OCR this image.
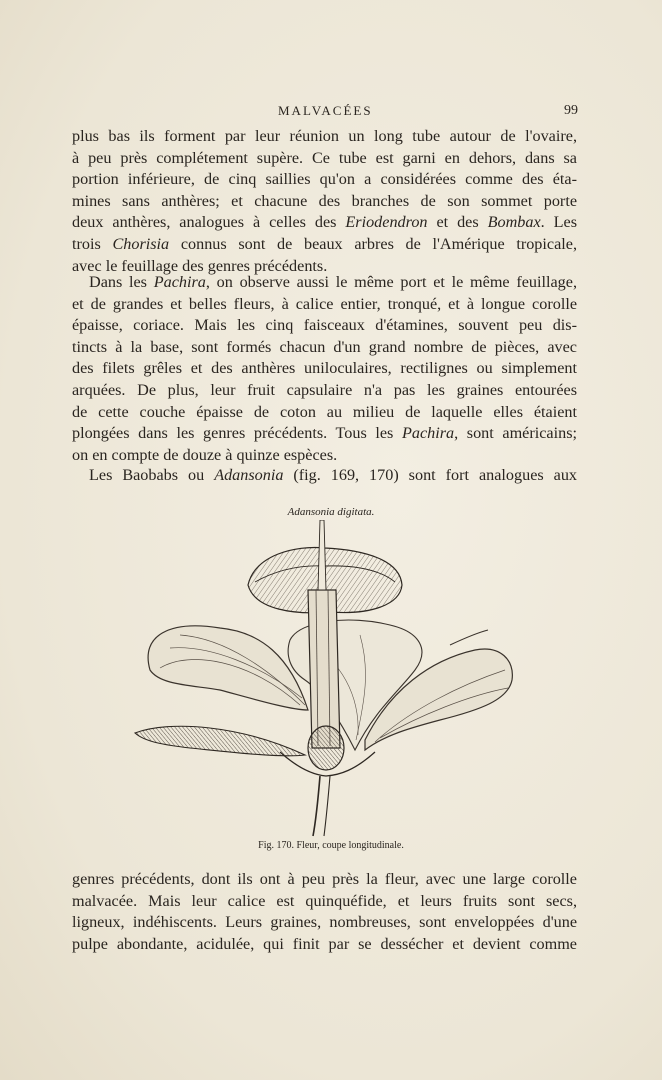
MALVACÉES	99
plus bas ils forment par leur réunion un long tube autour de l'ovaire,
à peu près complétement supère. Ce tube est garni en dehors, dans sa
portion inférieure, de cinq saillies qu'on a considérées comme des éta-
mines sans anthères; et chacune des branches de son sommet porte
deux anthères, analogues à celles des Eriodendron et des Bombax. Les
trois Chorisia connus sont de beaux arbres de l'Amérique tropicale,
avec le feuillage des genres précédents.
Dans les Pachira, on observe aussi le même port et le même feuillage,
et de grandes et belles fleurs, à calice entier, tronqué, et à longue corolle
épaisse, coriace. Mais les cinq faisceaux d'étamines, souvent peu dis-
tincts à la base, sont formés chacun d'un grand nombre de pièces, avec
des filets grêles et des anthères uniloculaires, rectilignes ou simplement
arquées. De plus, leur fruit capsulaire n'a pas les graines entourées
de cette couche épaisse de coton au milieu de laquelle elles étaient
plongées dans les genres précédents. Tous les Pachira, sont américains;
on en compte de douze à quinze espèces.
Les Baobabs ou Adansonia (fig. 169, 170) sont fort analogues aux
Adansonia digitata.
Fig. 170. Fleur, coupe longitudinale.
genres précédents, dont ils ont à peu près la fleur, avec une large corolle
malvacée. Mais leur calice est quinquéfide, et leurs fruits sont secs,
ligneux, indéhiscents. Leurs graines, nombreuses, sont enveloppées d'une
pulpe abondante, acidulée, qui finit par se dessécher et devient comme
